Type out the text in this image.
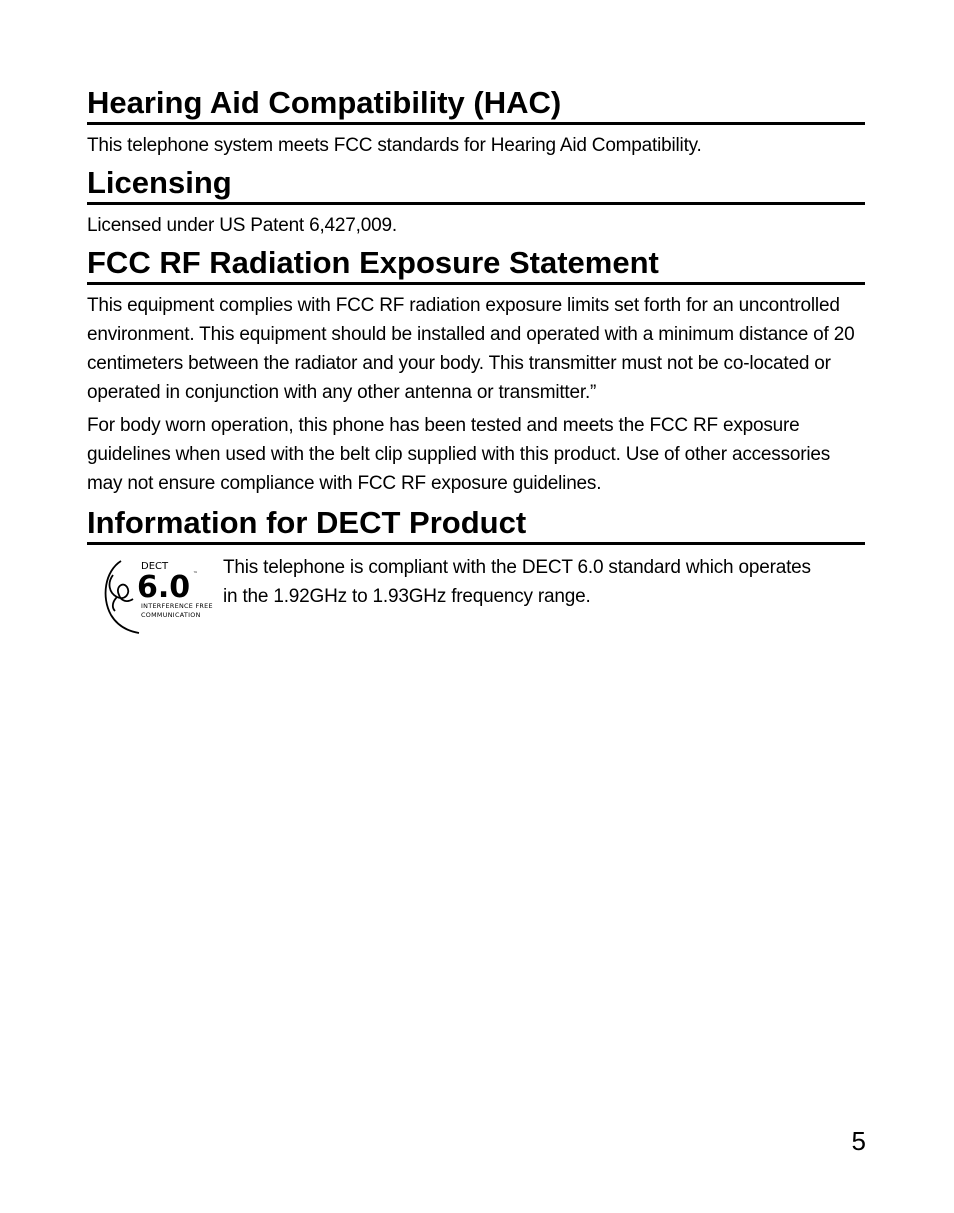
Hearing Aid Compatibility (HAC)

This telephone system meets FCC standards for Hearing Aid Compatibility.

Licensing

Licensed under US Patent 6,427,009.

FCC RF Radiation Exposure Statement

This equipment complies with FCC RF radiation exposure limits set forth for an uncontrolled environment. This equipment should be installed and operated with a minimum distance of 20 centimeters between the radiator and your body. This transmitter must not be co-located or operated in conjunction with any other antenna or transmitter.”

For body worn operation, this phone has been tested and meets the FCC RF exposure guidelines when used with the belt clip supplied with this product. Use of other accessories may not ensure compliance with FCC RF exposure guidelines.

Information for DECT Product
DECT
6.0 ™
INTERFERENCE FREE
COMMUNICATION

This telephone is compliant with the DECT 6.0 standard which operates in the 1.92GHz to 1.93GHz frequency range.

5
